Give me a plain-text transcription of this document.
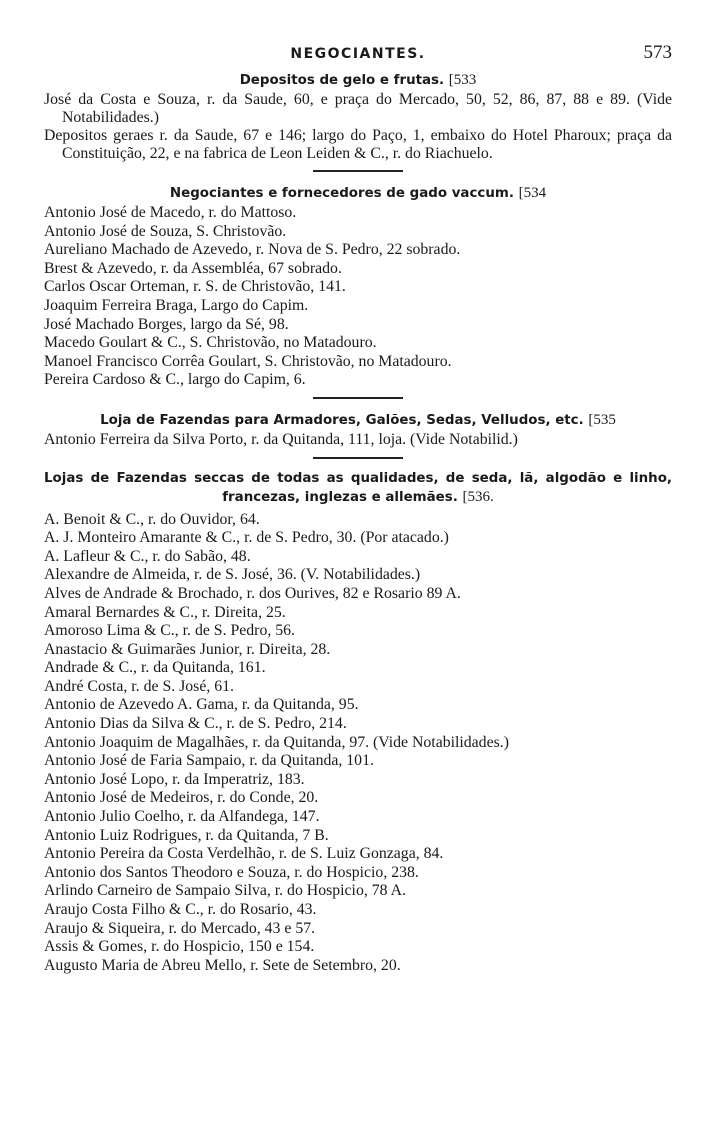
NEGOCIANTES.	573
Depositos de gelo e frutas. [533
José da Costa e Souza, r. da Saude, 60, e praça do Mercado, 50, 52, 86, 87, 88 e 89. (Vide Notabilidades.)
Depositos geraes r. da Saude, 67 e 146; largo do Paço, 1, embaixo do Hotel Pharoux; praça da Constituição, 22, e na fabrica de Leon Leiden & C., r. do Riachuelo.
Negociantes e fornecedores de gado vaccum. [534
Antonio José de Macedo, r. do Mattoso.
Antonio José de Souza, S. Christovão.
Aureliano Machado de Azevedo, r. Nova de S. Pedro, 22 sobrado.
Brest & Azevedo, r. da Assembléa, 67 sobrado.
Carlos Oscar Orteman, r. S. de Christovão, 141.
Joaquim Ferreira Braga, Largo do Capim.
José Machado Borges, largo da Sé, 98.
Macedo Goulart & C., S. Christovão, no Matadouro.
Manoel Francisco Corrêa Goulart, S. Christovão, no Matadouro.
Pereira Cardoso & C., largo do Capim, 6.
Loja de Fazendas para Armadores, Galões, Sedas, Velludos, etc. [535
Antonio Ferreira da Silva Porto, r. da Quitanda, 111, loja. (Vide Notabilid.)
Lojas de Fazendas seccas de todas as qualidades, de seda, lã, algodão e linho, francezas, inglezas e allemães. [536.
A. Benoit & C., r. do Ouvidor, 64.
A. J. Monteiro Amarante & C., r. de S. Pedro, 30. (Por atacado.)
A. Lafleur & C., r. do Sabão, 48.
Alexandre de Almeida, r. de S. José, 36. (V. Notabilidades.)
Alves de Andrade & Brochado, r. dos Ourives, 82 e Rosario 89 A.
Amaral Bernardes & C., r. Direita, 25.
Amoroso Lima & C., r. de S. Pedro, 56.
Anastacio & Guimarães Junior, r. Direita, 28.
Andrade & C., r. da Quitanda, 161.
André Costa, r. de S. José, 61.
Antonio de Azevedo A. Gama, r. da Quitanda, 95.
Antonio Dias da Silva & C., r. de S. Pedro, 214.
Antonio Joaquim de Magalhães, r. da Quitanda, 97. (Vide Notabilidades.)
Antonio José de Faria Sampaio, r. da Quitanda, 101.
Antonio José Lopo, r. da Imperatriz, 183.
Antonio José de Medeiros, r. do Conde, 20.
Antonio Julio Coelho, r. da Alfandega, 147.
Antonio Luiz Rodrigues, r. da Quitanda, 7 B.
Antonio Pereira da Costa Verdelhão, r. de S. Luiz Gonzaga, 84.
Antonio dos Santos Theodoro e Souza, r. do Hospicio, 238.
Arlindo Carneiro de Sampaio Silva, r. do Hospicio, 78 A.
Araujo Costa Filho & C., r. do Rosario, 43.
Araujo & Siqueira, r. do Mercado, 43 e 57.
Assis & Gomes, r. do Hospicio, 150 e 154.
Augusto Maria de Abreu Mello, r. Sete de Setembro, 20.
